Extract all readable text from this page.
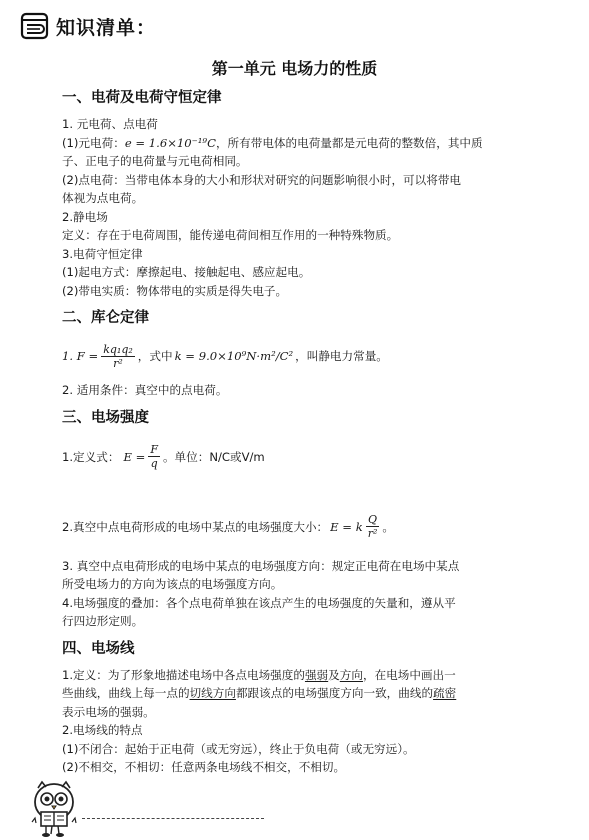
知识清单：
第一单元 电场力的性质
一、电荷及电荷守恒定律
1. 元电荷、点电荷
(1)元电荷：e = 1.6×10⁻¹⁹C，所有带电体的电荷量都是元电荷的整数倍，其中质
子、正电子的电荷量与元电荷相同。
(2)点电荷：当带电体本身的大小和形状对研究的问题影响很小时，可以将带电
体视为点电荷。
2.静电场
定义：存在于电荷周围，能传递电荷间相互作用的一种特殊物质。
3.电荷守恒定律
(1)起电方式：摩擦起电、接触起电、感应起电。
(2)带电实质：物体带电的实质是得失电子。
二、库仑定律
1. $F = \frac{\text{kq₁q₂}}{\text{r²}}$ ，式中 k = 9.0×10⁹N·m²/C² ，叫静电力常量。
2. 适用条件：真空中的点电荷。
三、电场强度
1.定义式： $E = \frac{F}{q}$ 。单位：N/C或V/m
2.真空中点电荷形成的电场中某点的电场强度大小： E = k $\frac{Q}{\text{r²}}$ 。
3. 真空中点电荷形成的电场中某点的电场强度方向：规定正电荷在电场中某点
所受电场力的方向为该点的电场强度方向。
4.电场强度的叠加：各个点电荷单独在该点产生的电场强度的矢量和，遵从平
行四边形定则。
四、电场线
1.定义：为了形象地描述电场中各点电场强度的强弱及方向，在电场中画出一
些曲线，曲线上每一点的切线方向都跟该点的电场强度方向一致，曲线的疏密
表示电场的强弱。
2.电场线的特点
(1)不闭合：起始于正电荷（或无穷远），终止于负电荷（或无穷远）。
(2)不相交，不相切：任意两条电场线不相交，不相切。
